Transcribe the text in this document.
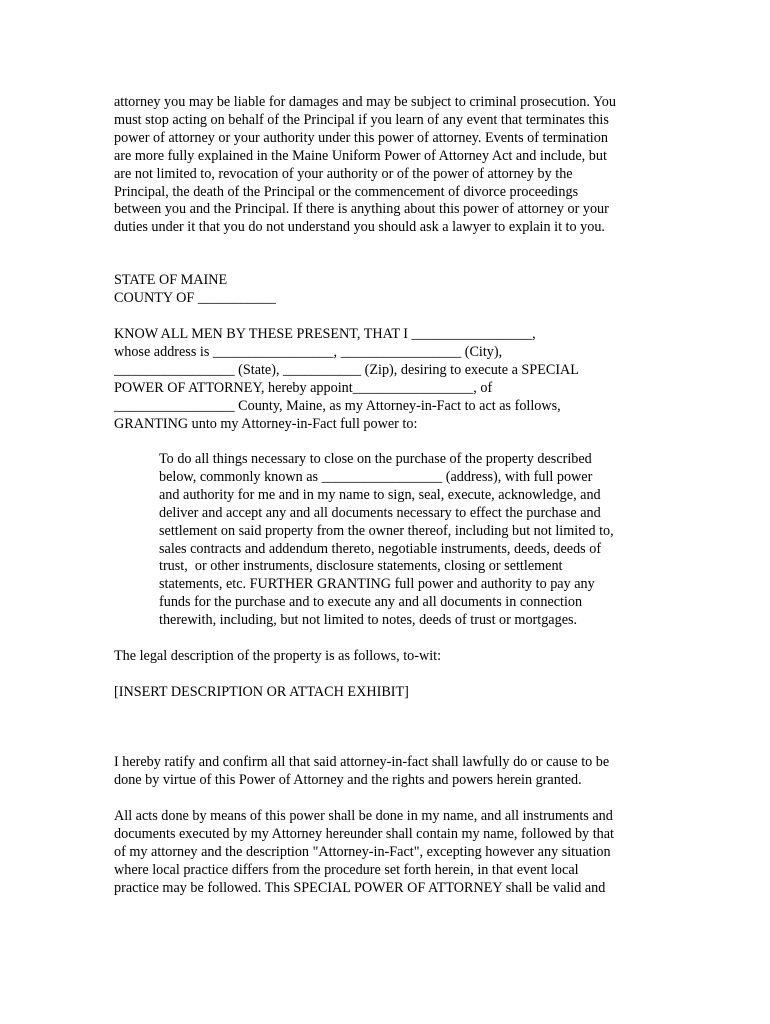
attorney you may be liable for damages and may be subject to criminal prosecution. You
must stop acting on behalf of the Principal if you learn of any event that terminates this
power of attorney or your authority under this power of attorney. Events of termination
are more fully explained in the Maine Uniform Power of Attorney Act and include, but
are not limited to, revocation of your authority or of the power of attorney by the
Principal, the death of the Principal or the commencement of divorce proceedings
between you and the Principal. If there is anything about this power of attorney or your
duties under it that you do not understand you should ask a lawyer to explain it to you.
STATE OF MAINE
COUNTY OF ___________
KNOW ALL MEN BY THESE PRESENT, THAT I _________________,
whose address is _________________, _________________ (City),
_________________ (State), ___________ (Zip), desiring to execute a SPECIAL
POWER OF ATTORNEY, hereby appoint_________________, of
_________________ County, Maine, as my Attorney-in-Fact to act as follows,
GRANTING unto my Attorney-in-Fact full power to:
To do all things necessary to close on the purchase of the property described
below, commonly known as _________________ (address), with full power
and authority for me and in my name to sign, seal, execute, acknowledge, and
deliver and accept any and all documents necessary to effect the purchase and
settlement on said property from the owner thereof, including but not limited to,
sales contracts and addendum thereto, negotiable instruments, deeds, deeds of
trust,  or other instruments, disclosure statements, closing or settlement
statements, etc. FURTHER GRANTING full power and authority to pay any
funds for the purchase and to execute any and all documents in connection
therewith, including, but not limited to notes, deeds of trust or mortgages.
The legal description of the property is as follows, to-wit:
[INSERT DESCRIPTION OR ATTACH EXHIBIT]
I hereby ratify and confirm all that said attorney-in-fact shall lawfully do or cause to be
done by virtue of this Power of Attorney and the rights and powers herein granted.
All acts done by means of this power shall be done in my name, and all instruments and
documents executed by my Attorney hereunder shall contain my name, followed by that
of my attorney and the description "Attorney-in-Fact", excepting however any situation
where local practice differs from the procedure set forth herein, in that event local
practice may be followed. This SPECIAL POWER OF ATTORNEY shall be valid and
